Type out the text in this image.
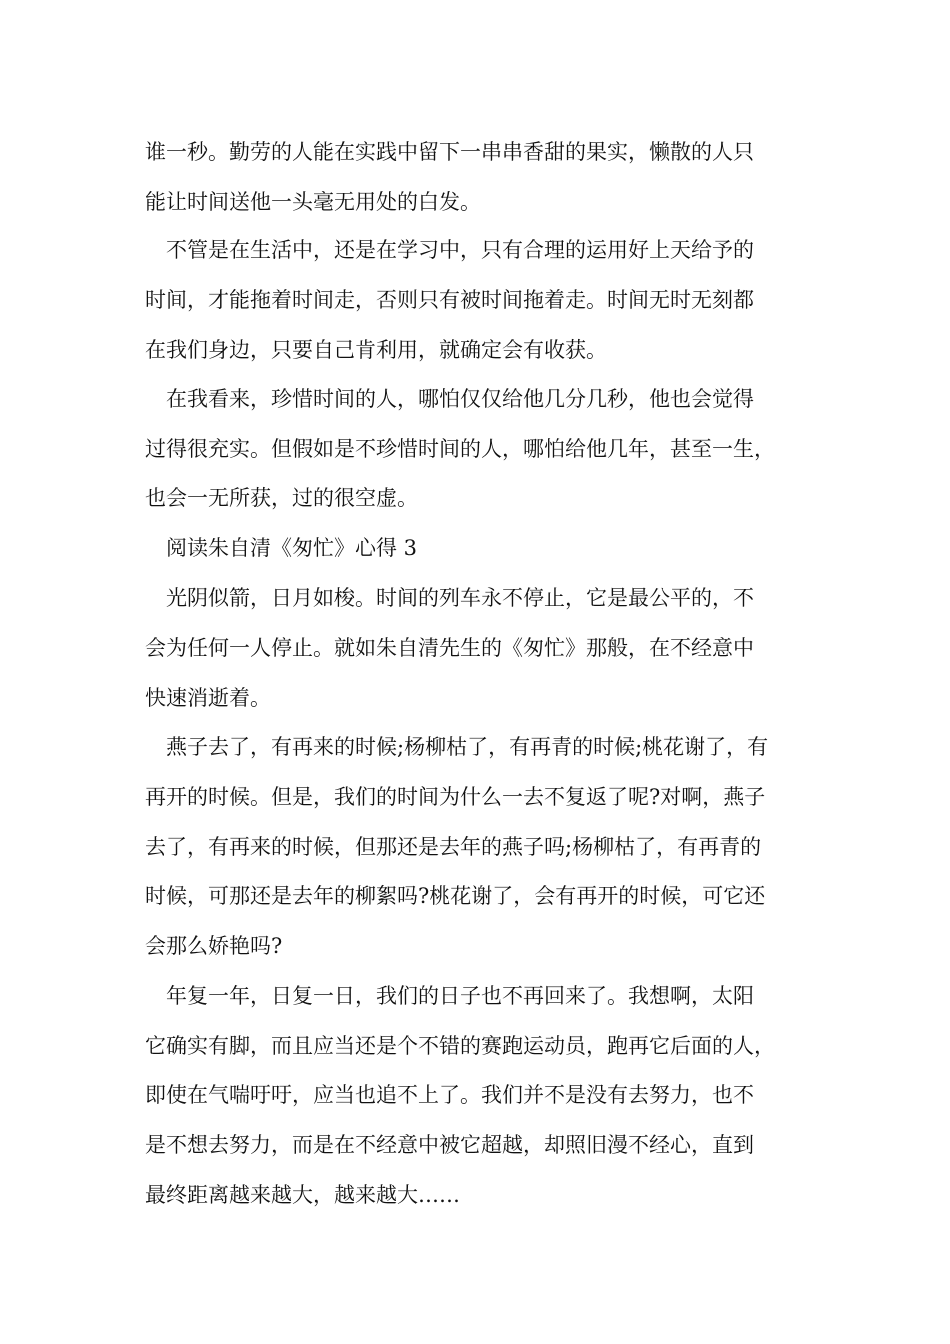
谁一秒。勤劳的人能在实践中留下一串串香甜的果实，懒散的人只
能让时间送他一头毫无用处的白发。
不管是在生活中，还是在学习中，只有合理的运用好上天给予的
时间，才能拖着时间走，否则只有被时间拖着走。时间无时无刻都
在我们身边，只要自己肯利用，就确定会有收获。
在我看来，珍惜时间的人，哪怕仅仅给他几分几秒，他也会觉得
过得很充实。但假如是不珍惜时间的人，哪怕给他几年，甚至一生，
也会一无所获，过的很空虚。
阅读朱自清《匆忙》心得 3
光阴似箭，日月如梭。时间的列车永不停止，它是最公平的，不
会为任何一人停止。就如朱自清先生的《匆忙》那般，在不经意中
快速消逝着。
燕子去了，有再来的时候;杨柳枯了，有再青的时候;桃花谢了，有
再开的时候。但是，我们的时间为什么一去不复返了呢?对啊，燕子
去了，有再来的时候，但那还是去年的燕子吗;杨柳枯了，有再青的
时候，可那还是去年的柳絮吗?桃花谢了，会有再开的时候，可它还
会那么娇艳吗?
年复一年，日复一日，我们的日子也不再回来了。我想啊，太阳
它确实有脚，而且应当还是个不错的赛跑运动员，跑再它后面的人，
即使在气喘吁吁，应当也追不上了。我们并不是没有去努力，也不
是不想去努力，而是在不经意中被它超越，却照旧漫不经心，直到
最终距离越来越大，越来越大……
